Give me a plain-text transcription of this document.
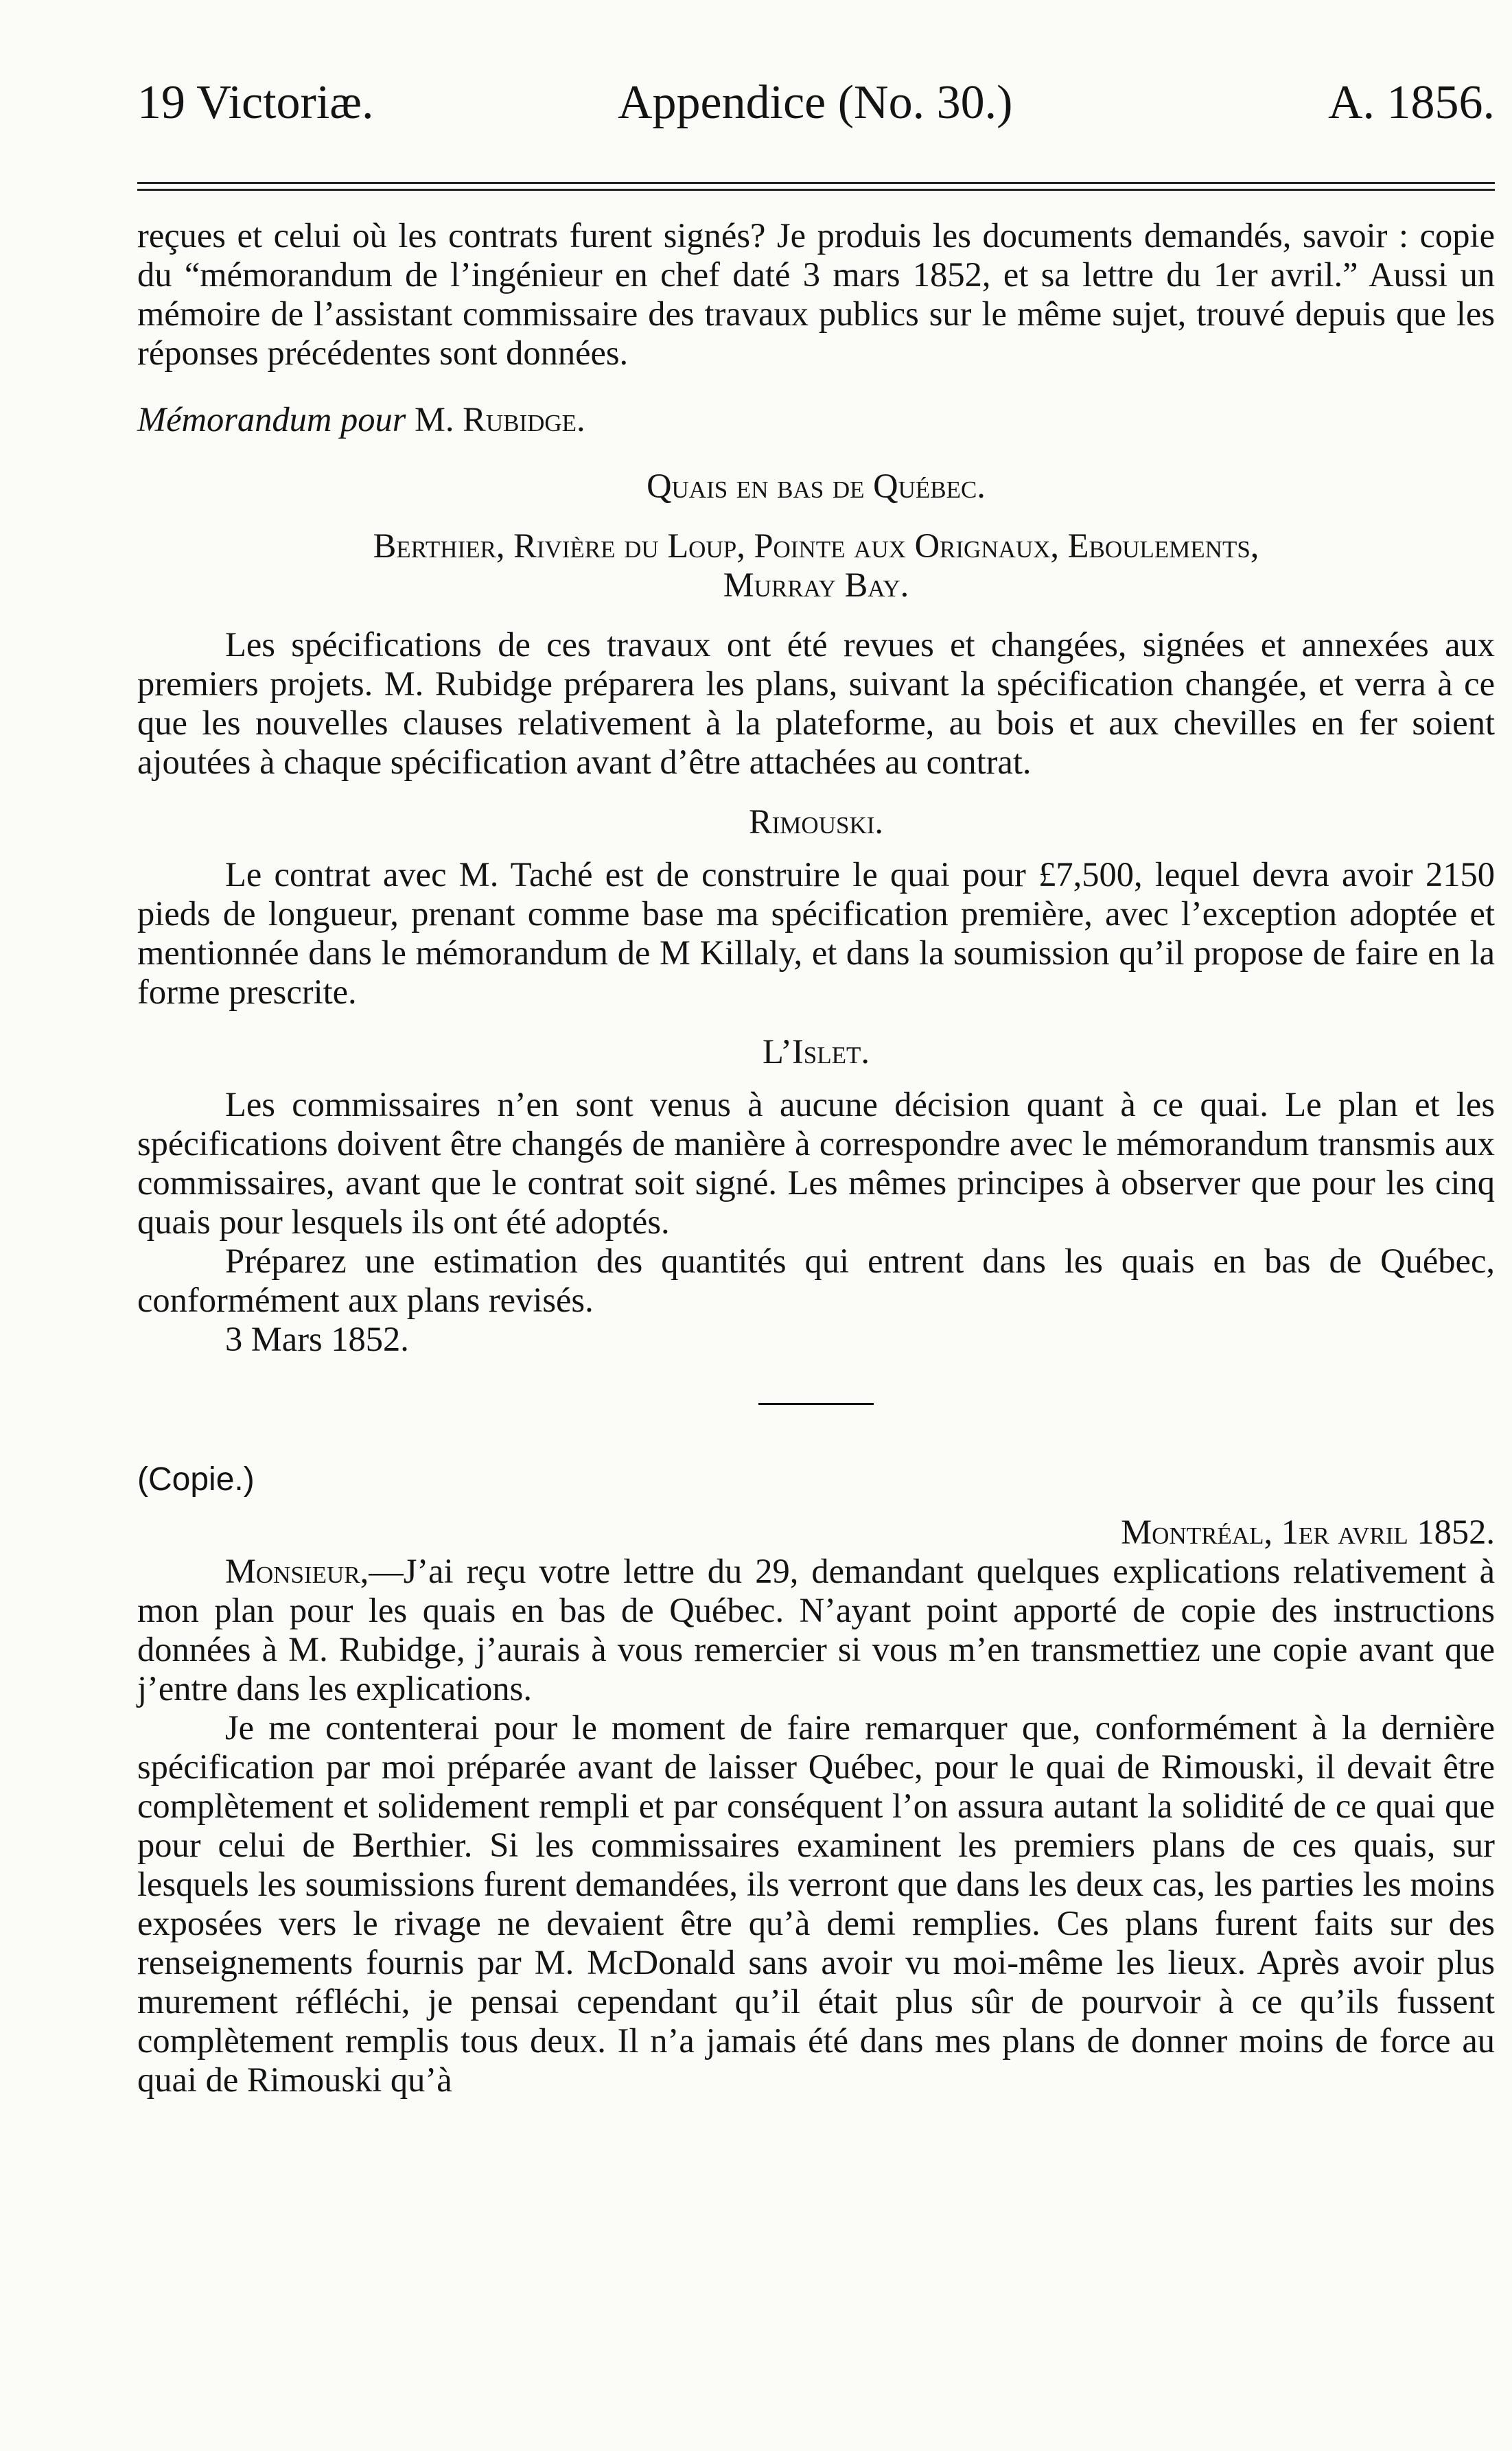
19 Victoriæ.	Appendice (No. 30.)	A. 1856.

reçues et celui où les contrats furent signés? Je produis les documents demandés, savoir : copie du “mémorandum de l’ingénieur en chef daté 3 mars 1852, et sa lettre du 1er avril.” Aussi un mémoire de l’assistant commissaire des travaux publics sur le même sujet, trouvé depuis que les réponses précédentes sont données.

Mémorandum pour M. Rubidge.

Quais en bas de Québec.

Berthier, Rivière du Loup, Pointe aux Orignaux, Eboulements,

Murray Bay.

Les spécifications de ces travaux ont été revues et changées, signées et annexées aux premiers projets. M. Rubidge préparera les plans, suivant la spécification changée, et verra à ce que les nouvelles clauses relativement à la plateforme, au bois et aux chevilles en fer soient ajoutées à chaque spécification avant d’être attachées au contrat.

Rimouski.

Le contrat avec M. Taché est de construire le quai pour £7,500, lequel devra avoir 2150 pieds de longueur, prenant comme base ma spécification première, avec l’exception adoptée et mentionnée dans le mémorandum de M Killaly, et dans la soumission qu’il propose de faire en la forme prescrite.

L’Islet.

Les commissaires n’en sont venus à aucune décision quant à ce quai. Le plan et les spécifications doivent être changés de manière à correspondre avec le mémorandum transmis aux commissaires, avant que le contrat soit signé. Les mêmes principes à observer que pour les cinq quais pour lesquels ils ont été adoptés.

Préparez une estimation des quantités qui entrent dans les quais en bas de Québec, conformément aux plans revisés.

3 Mars 1852.

(Copie.)

Montréal, 1er avril 1852.

Monsieur,—J’ai reçu votre lettre du 29, demandant quelques explications relativement à mon plan pour les quais en bas de Québec. N’ayant point apporté de copie des instructions données à M. Rubidge, j’aurais à vous remercier si vous m’en transmettiez une copie avant que j’entre dans les explications.

Je me contenterai pour le moment de faire remarquer que, conformément à la dernière spécification par moi préparée avant de laisser Québec, pour le quai de Rimouski, il devait être complètement et solidement rempli et par conséquent l’on assura autant la solidité de ce quai que pour celui de Berthier. Si les commissaires examinent les premiers plans de ces quais, sur lesquels les soumissions furent demandées, ils verront que dans les deux cas, les parties les moins exposées vers le rivage ne devaient être qu’à demi remplies. Ces plans furent faits sur des renseignements fournis par M. McDonald sans avoir vu moi-même les lieux. Après avoir plus murement réfléchi, je pensai cependant qu’il était plus sûr de pourvoir à ce qu’ils fussent complètement remplis tous deux. Il n’a jamais été dans mes plans de donner moins de force au quai de Rimouski qu’à
